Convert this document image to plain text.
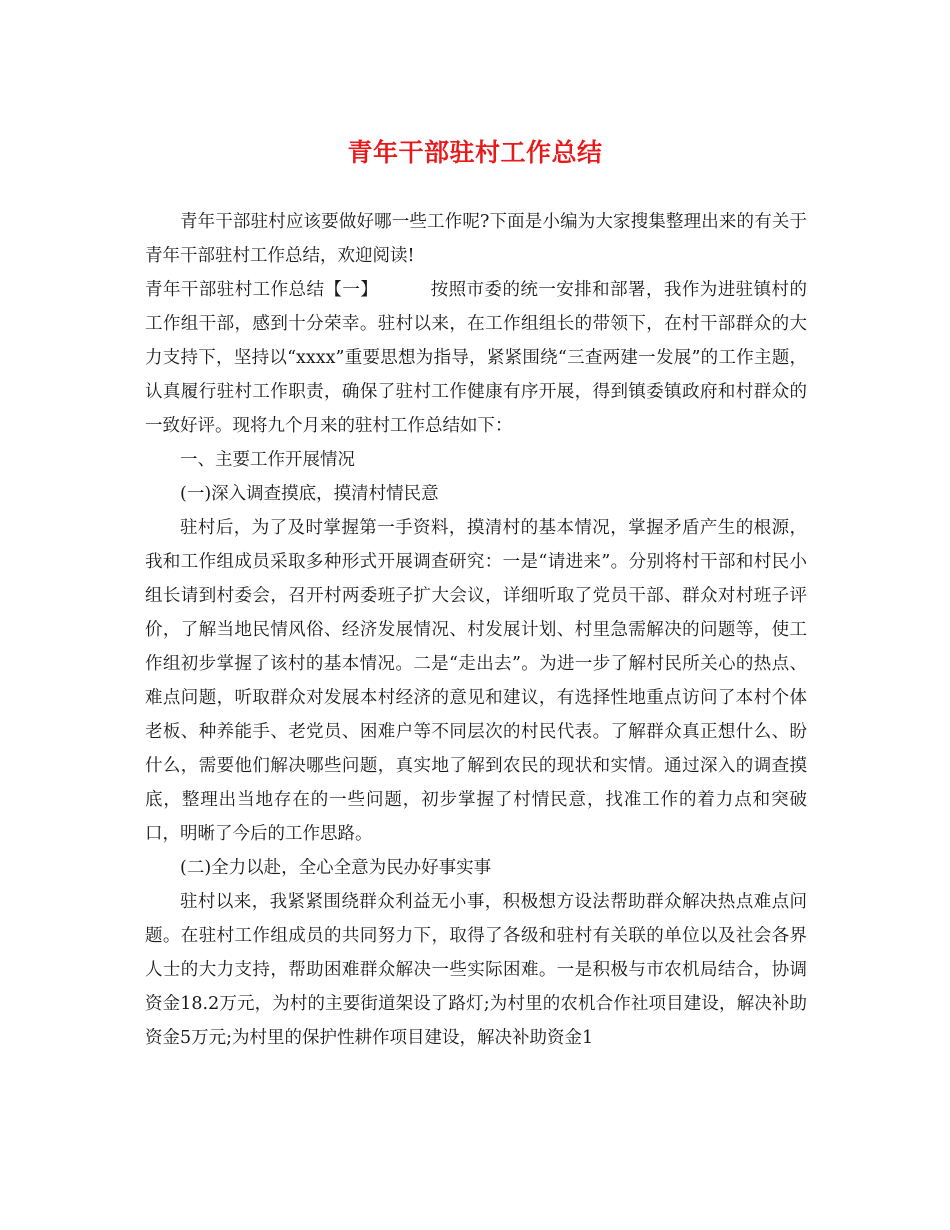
青年干部驻村工作总结

青年干部驻村应该要做好哪一些工作呢?下面是小编为大家搜集整理出来的有关于青年干部驻村工作总结，欢迎阅读!

青年干部驻村工作总结【一】	按照市委的统一安排和部署，我作为进驻镇村的工作组干部，感到十分荣幸。驻村以来，在工作组组长的带领下，在村干部群众的大力支持下，坚持以“xxxx”重要思想为指导，紧紧围绕“三查两建一发展”的工作主题，认真履行驻村工作职责，确保了驻村工作健康有序开展，得到镇委镇政府和村群众的一致好评。现将九个月来的驻村工作总结如下：

一、主要工作开展情况

(一)深入调查摸底，摸清村情民意

驻村后，为了及时掌握第一手资料，摸清村的基本情况，掌握矛盾产生的根源，我和工作组成员采取多种形式开展调查研究：一是“请进来”。分别将村干部和村民小组长请到村委会，召开村两委班子扩大会议，详细听取了党员干部、群众对村班子评价，了解当地民情风俗、经济发展情况、村发展计划、村里急需解决的问题等，使工作组初步掌握了该村的基本情况。二是“走出去”。为进一步了解村民所关心的热点、难点问题，听取群众对发展本村经济的意见和建议，有选择性地重点访问了本村个体老板、种养能手、老党员、困难户等不同层次的村民代表。了解群众真正想什么、盼什么，需要他们解决哪些问题，真实地了解到农民的现状和实情。通过深入的调查摸底，整理出当地存在的一些问题，初步掌握了村情民意，找准工作的着力点和突破口，明晰了今后的工作思路。

(二)全力以赴，全心全意为民办好事实事

驻村以来，我紧紧围绕群众利益无小事，积极想方设法帮助群众解决热点难点问题。在驻村工作组成员的共同努力下，取得了各级和驻村有关联的单位以及社会各界人士的大力支持，帮助困难群众解决一些实际困难。一是积极与市农机局结合，协调资金18.2万元，为村的主要街道架设了路灯;为村里的农机合作社项目建设，解决补助资金5万元;为村里的保护性耕作项目建设，解决补助资金1
